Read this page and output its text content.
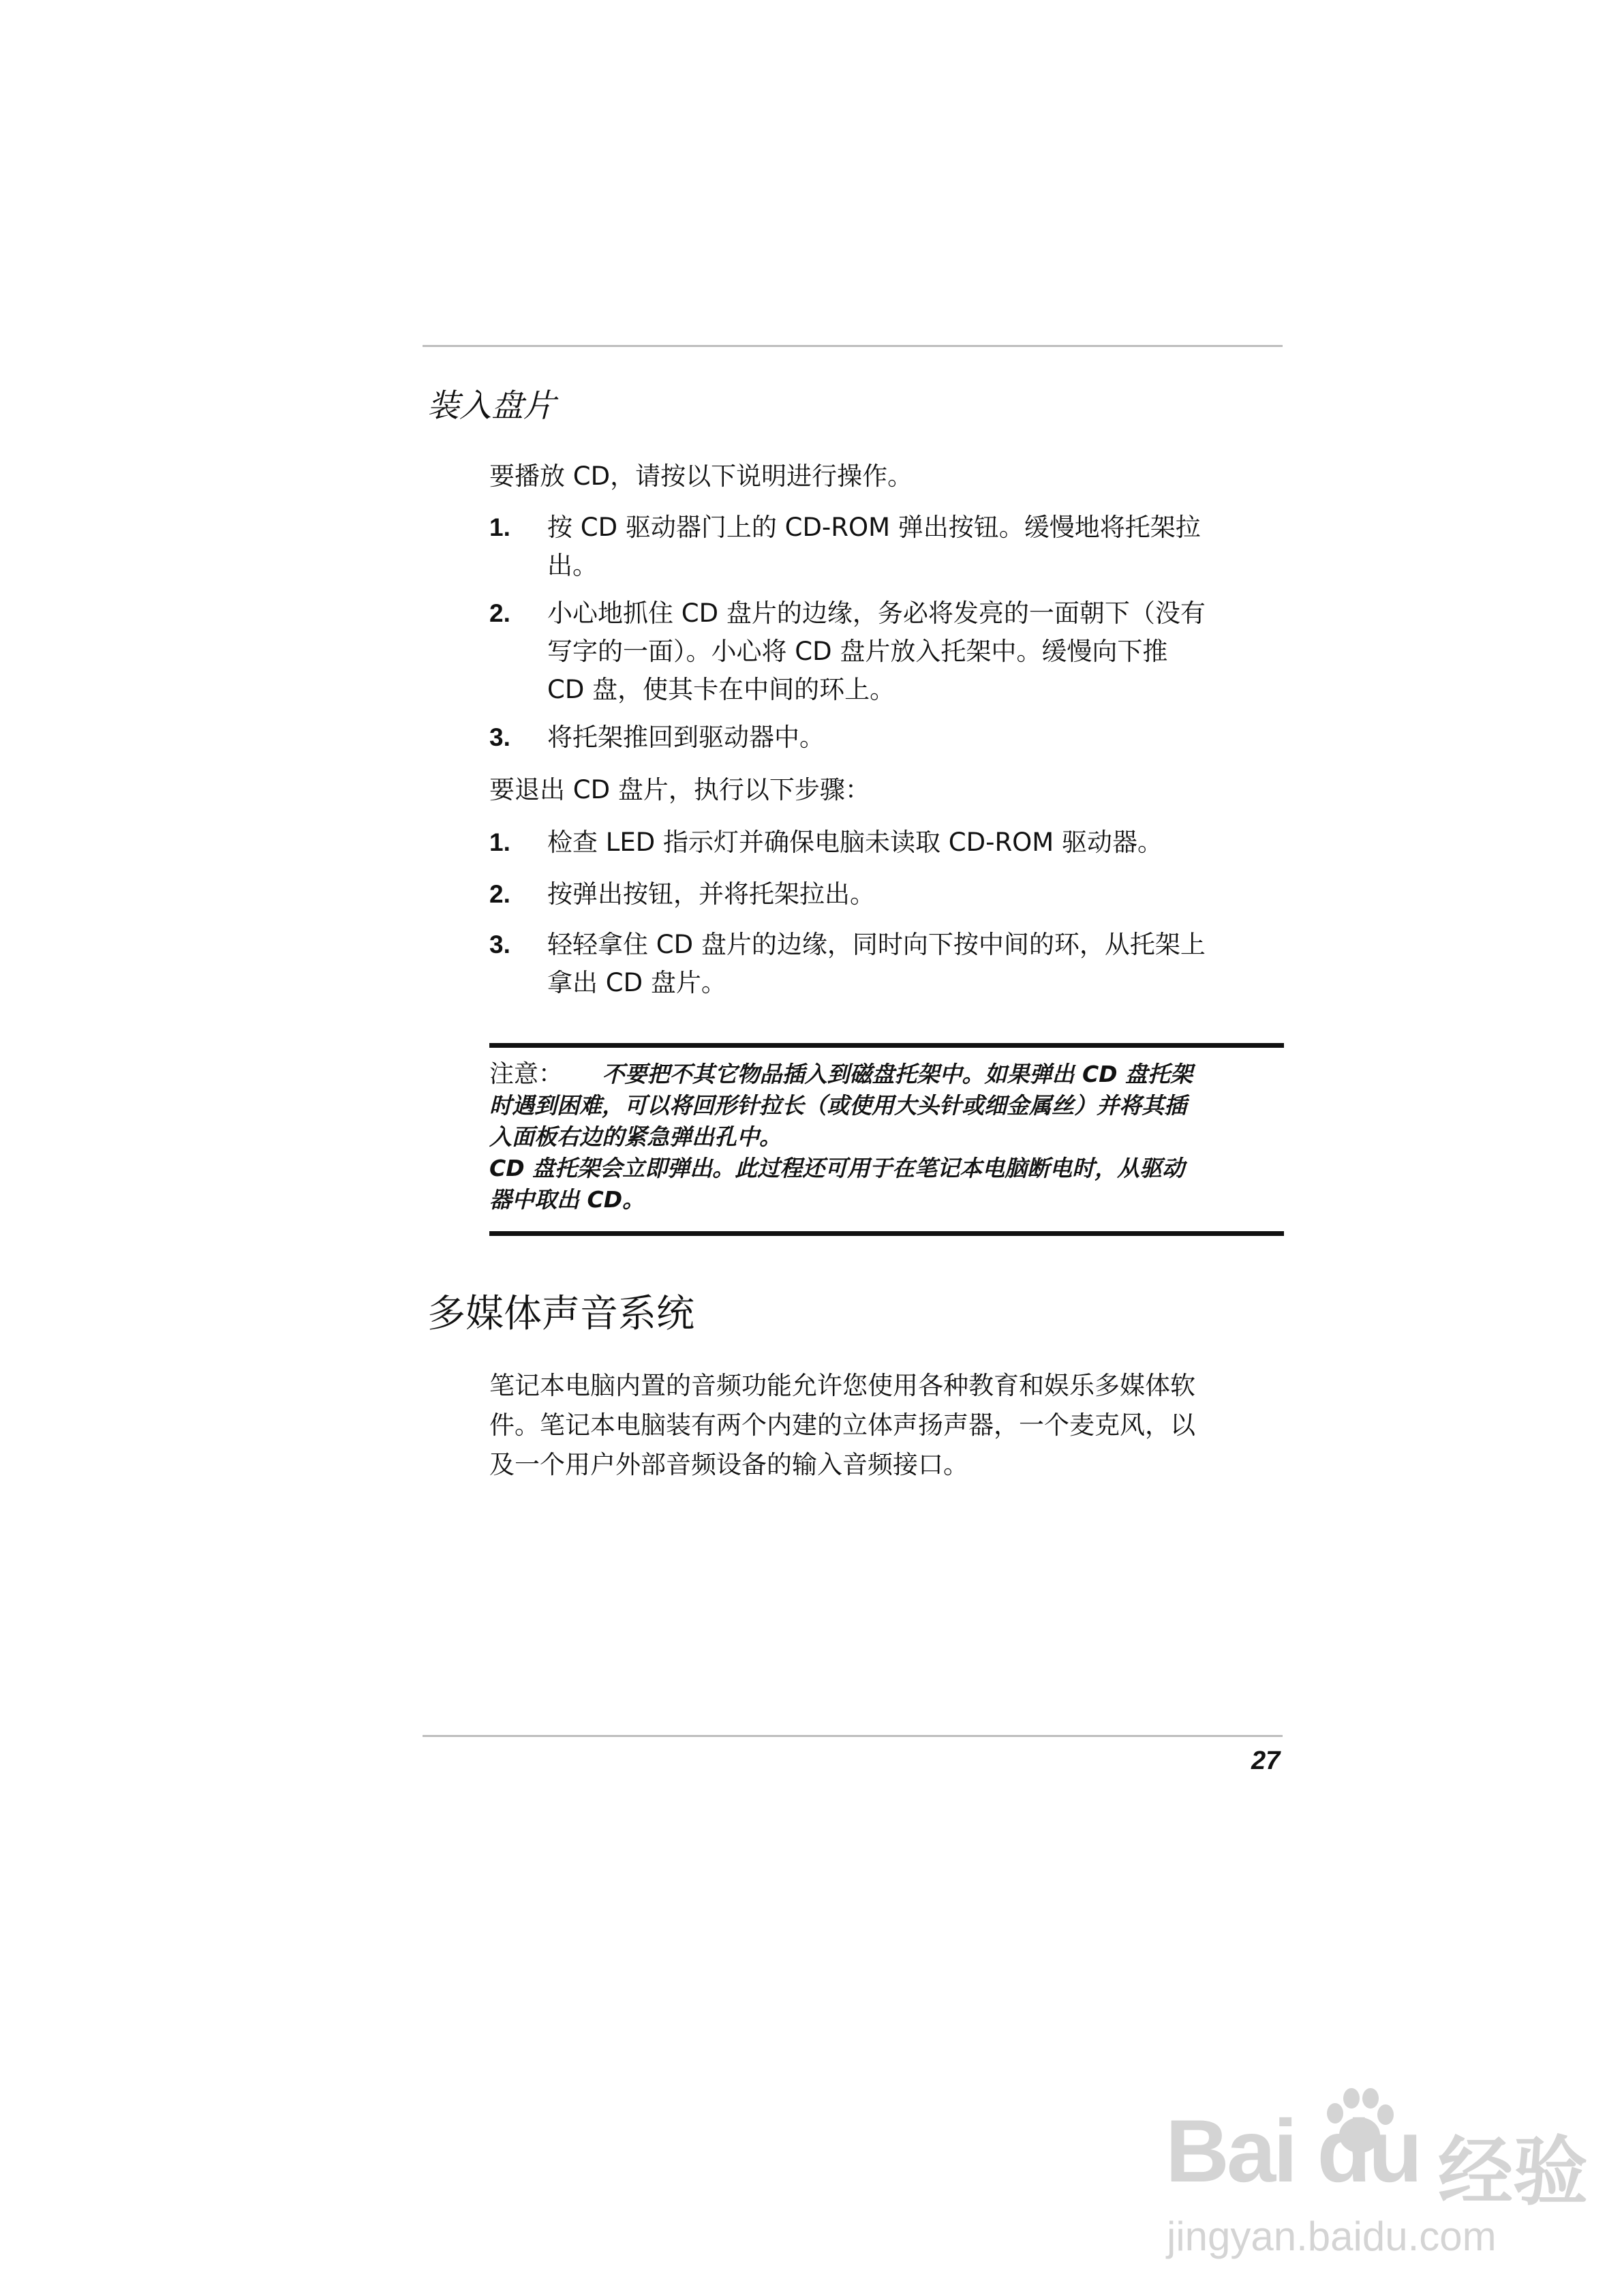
装入盘片
要播放 CD，请按以下说明进行操作。
1. 按 CD 驱动器门上的 CD-ROM 弹出按钮。缓慢地将托架拉
出。
2. 小心地抓住 CD 盘片的边缘，务必将发亮的一面朝下（没有
写字的一面）。小心将 CD 盘片放入托架中。缓慢向下推
CD 盘，使其卡在中间的环上。
3. 将托架推回到驱动器中。
要退出 CD 盘片，执行以下步骤：
1. 检查 LED 指示灯并确保电脑未读取 CD-ROM 驱动器。
2. 按弹出按钮，并将托架拉出。
3. 轻轻拿住 CD 盘片的边缘，同时向下按中间的环，从托架上
拿出 CD 盘片。
注意： 不要把不其它物品插入到磁盘托架中。如果弹出 CD 盘托架
时遇到困难，可以将回形针拉长（或使用大头针或细金属丝）并将其插
入面板右边的紧急弹出孔中。
CD 盘托架会立即弹出。此过程还可用于在笔记本电脑断电时，从驱动
器中取出 CD。
多媒体声音系统
笔记本电脑内置的音频功能允许您使用各种教育和娱乐多媒体软
件。笔记本电脑装有两个内建的立体声扬声器，一个麦克风，以
及一个用户外部音频设备的输入音频接口。
27
Bai du 经验
jingyan.baidu.com
